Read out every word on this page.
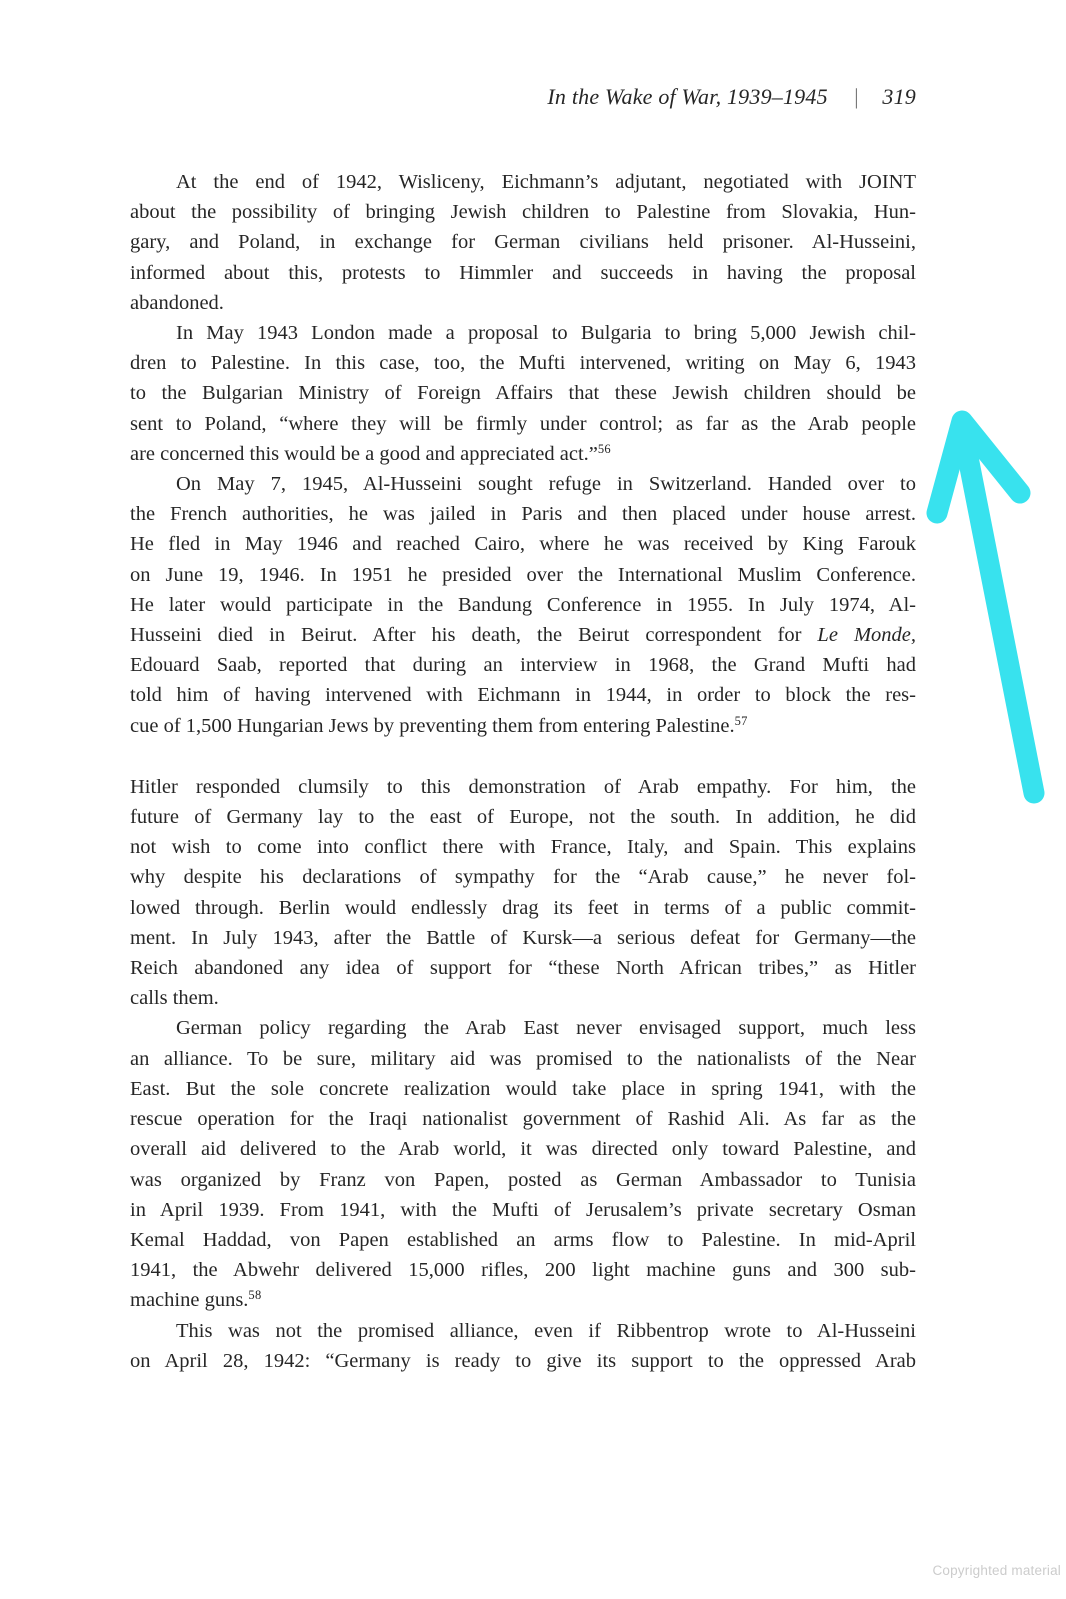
In the Wake of War, 1939–1945 | 319
At the end of 1942, Wisliceny, Eichmann’s adjutant, negotiated with JOINT
about the possibility of bringing Jewish children to Palestine from Slovakia, Hun-
gary, and Poland, in exchange for German civilians held prisoner. Al-Husseini,
informed about this, protests to Himmler and succeeds in having the proposal
abandoned.
In May 1943 London made a proposal to Bulgaria to bring 5,000 Jewish chil-
dren to Palestine. In this case, too, the Mufti intervened, writing on May 6, 1943
to the Bulgarian Ministry of Foreign Affairs that these Jewish children should be
sent to Poland, “where they will be firmly under control; as far as the Arab people
are concerned this would be a good and appreciated act.”$^{56}$
On May 7, 1945, Al-Husseini sought refuge in Switzerland. Handed over to
the French authorities, he was jailed in Paris and then placed under house arrest.
He fled in May 1946 and reached Cairo, where he was received by King Farouk
on June 19, 1946. In 1951 he presided over the International Muslim Conference.
He later would participate in the Bandung Conference in 1955. In July 1974, Al-
Husseini died in Beirut. After his death, the Beirut correspondent for Le Monde,
Edouard Saab, reported that during an interview in 1968, the Grand Mufti had
told him of having intervened with Eichmann in 1944, in order to block the res-
cue of 1,500 Hungarian Jews by preventing them from entering Palestine.$^{57}$
Hitler responded clumsily to this demonstration of Arab empathy. For him, the
future of Germany lay to the east of Europe, not the south. In addition, he did
not wish to come into conflict there with France, Italy, and Spain. This explains
why despite his declarations of sympathy for the “Arab cause,” he never fol-
lowed through. Berlin would endlessly drag its feet in terms of a public commit-
ment. In July 1943, after the Battle of Kursk—a serious defeat for Germany—the
Reich abandoned any idea of support for “these North African tribes,” as Hitler
calls them.
German policy regarding the Arab East never envisaged support, much less
an alliance. To be sure, military aid was promised to the nationalists of the Near
East. But the sole concrete realization would take place in spring 1941, with the
rescue operation for the Iraqi nationalist government of Rashid Ali. As far as the
overall aid delivered to the Arab world, it was directed only toward Palestine, and
was organized by Franz von Papen, posted as German Ambassador to Tunisia
in April 1939. From 1941, with the Mufti of Jerusalem’s private secretary Osman
Kemal Haddad, von Papen established an arms flow to Palestine. In mid-April
1941, the Abwehr delivered 15,000 rifles, 200 light machine guns and 300 sub-
machine guns.$^{58}$
This was not the promised alliance, even if Ribbentrop wrote to Al-Husseini
on April 28, 1942: “Germany is ready to give its support to the oppressed Arab
Copyrighted material
